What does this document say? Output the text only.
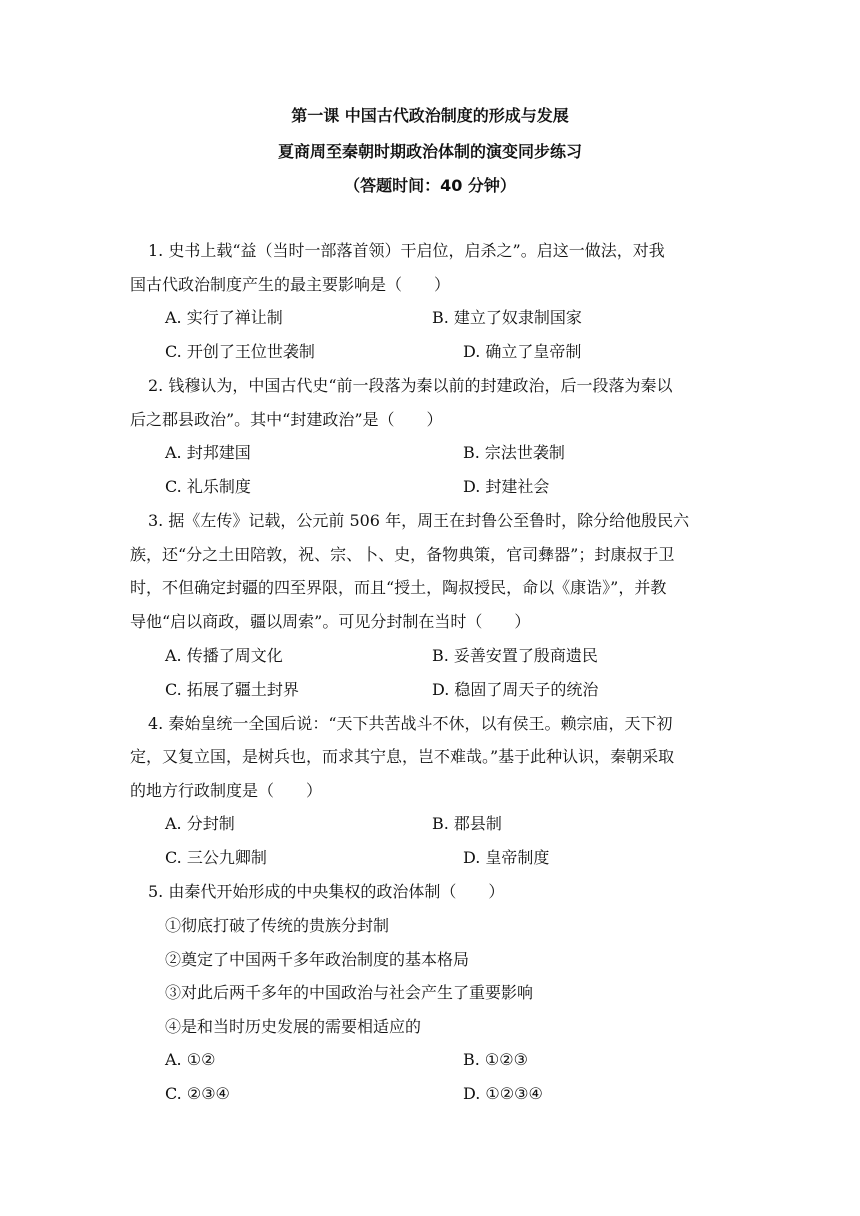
第一课 中国古代政治制度的形成与发展
夏商周至秦朝时期政治体制的演变同步练习
（答题时间：40 分钟）
1. 史书上载“益（当时一部落首领）干启位，启杀之”。启这一做法，对我
国古代政治制度产生的最主要影响是（　　）
A. 实行了禅让制	B. 建立了奴隶制国家
C. 开创了王位世袭制	D. 确立了皇帝制
2. 钱穆认为，中国古代史“前一段落为秦以前的封建政治，后一段落为秦以
后之郡县政治”。其中“封建政治”是（　　）
A. 封邦建国	B. 宗法世袭制
C. 礼乐制度	D. 封建社会
3. 据《左传》记载，公元前 506 年，周王在封鲁公至鲁时，除分给他殷民六
族，还“分之土田陪敦，祝、宗、卜、史，备物典策，官司彝器”；封康叔于卫
时，不但确定封疆的四至界限，而且“授土，陶叔授民，命以《康诰》”，并教
导他“启以商政，疆以周索”。可见分封制在当时（　　）
A. 传播了周文化	B. 妥善安置了殷商遗民
C. 拓展了疆土封界	D. 稳固了周天子的统治
4. 秦始皇统一全国后说：“天下共苦战斗不休，以有侯王。赖宗庙，天下初
定，又复立国，是树兵也，而求其宁息，岂不难哉。”基于此种认识，秦朝采取
的地方行政制度是（　　）
A. 分封制	B. 郡县制
C. 三公九卿制	D. 皇帝制度
5. 由秦代开始形成的中央集权的政治体制（　　）
①彻底打破了传统的贵族分封制
②奠定了中国两千多年政治制度的基本格局
③对此后两千多年的中国政治与社会产生了重要影响
④是和当时历史发展的需要相适应的
A. ①②	B. ①②③
C. ②③④	D. ①②③④
